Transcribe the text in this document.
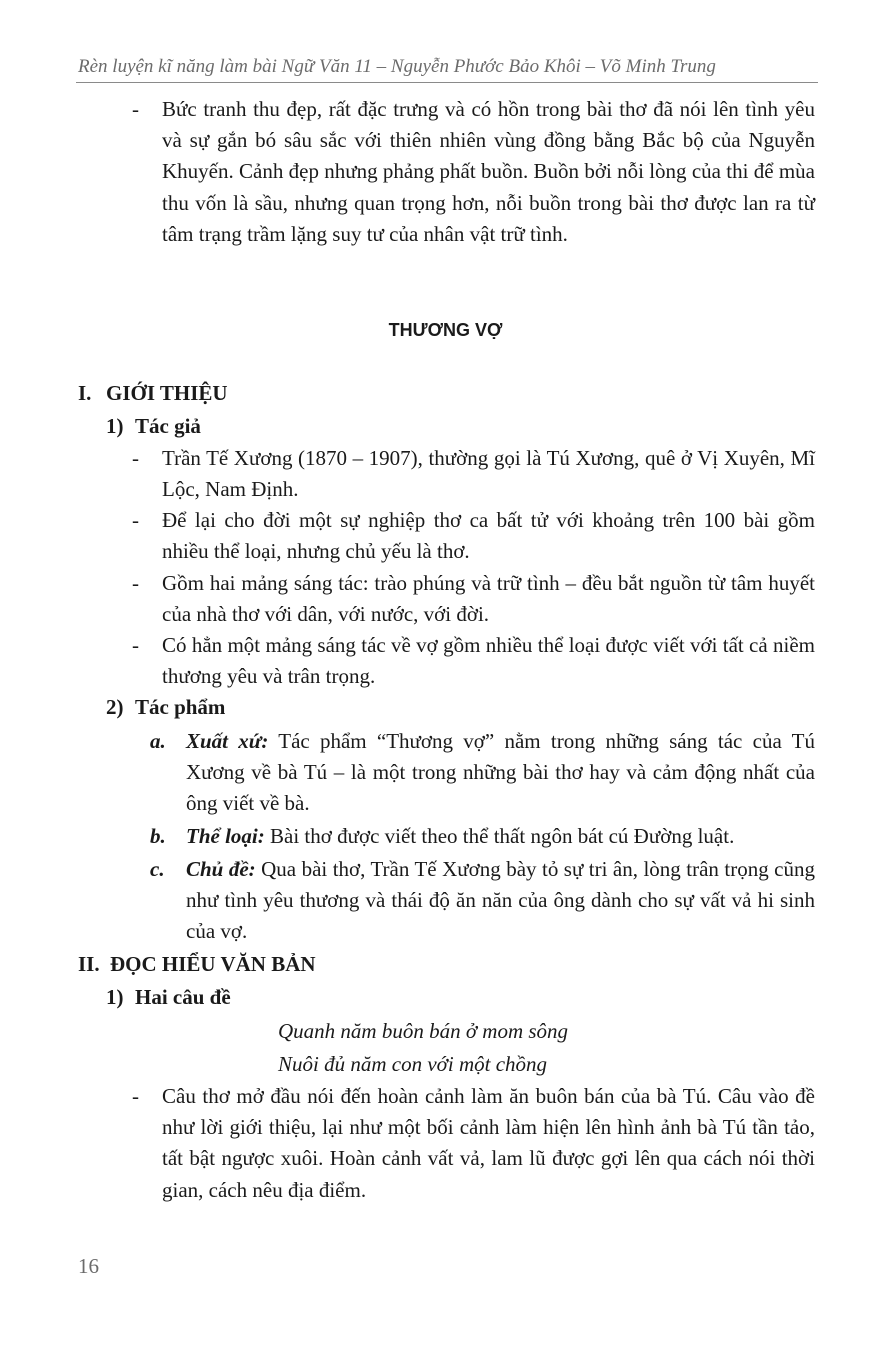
Rèn luyện kĩ năng làm bài Ngữ Văn 11 – Nguyễn Phước Bảo Khôi – Võ Minh Trung
- Bức tranh thu đẹp, rất đặc trưng và có hồn trong bài thơ đã nói lên tình yêu và sự gắn bó sâu sắc với thiên nhiên vùng đồng bằng Bắc bộ của Nguyễn Khuyến. Cảnh đẹp nhưng phảng phất buồn. Buồn bởi nỗi lòng của thi để mùa thu vốn là sầu, nhưng quan trọng hơn, nỗi buồn trong bài thơ được lan ra từ tâm trạng trầm lặng suy tư của nhân vật trữ tình.
THƯƠNG VỢ
I. GIỚI THIỆU
1) Tác giả
- Trần Tế Xương (1870 – 1907), thường gọi là Tú Xương, quê ở Vị Xuyên, Mĩ Lộc, Nam Định.
- Để lại cho đời một sự nghiệp thơ ca bất tử với khoảng trên 100 bài gồm nhiều thể loại, nhưng chủ yếu là thơ.
- Gồm hai mảng sáng tác: trào phúng và trữ tình – đều bắt nguồn từ tâm huyết của nhà thơ với dân, với nước, với đời.
- Có hẳn một mảng sáng tác về vợ gồm nhiều thể loại được viết với tất cả niềm thương yêu và trân trọng.
2) Tác phẩm
a. Xuất xứ: Tác phẩm “Thương vợ” nằm trong những sáng tác của Tú Xương về bà Tú – là một trong những bài thơ hay và cảm động nhất của ông viết về bà.
b. Thể loại: Bài thơ được viết theo thể thất ngôn bát cú Đường luật.
c. Chủ đề: Qua bài thơ, Trần Tế Xương bày tỏ sự tri ân, lòng trân trọng cũng như tình yêu thương và thái độ ăn năn của ông dành cho sự vất vả hi sinh của vợ.
II. ĐỌC HIỂU VĂN BẢN
1) Hai câu đề
Quanh năm buôn bán ở mom sông
Nuôi đủ năm con với một chồng
- Câu thơ mở đầu nói đến hoàn cảnh làm ăn buôn bán của bà Tú. Câu vào đề như lời giới thiệu, lại như một bối cảnh làm hiện lên hình ảnh bà Tú tần tảo, tất bật ngược xuôi. Hoàn cảnh vất vả, lam lũ được gợi lên qua cách nói thời gian, cách nêu địa điểm.
16
